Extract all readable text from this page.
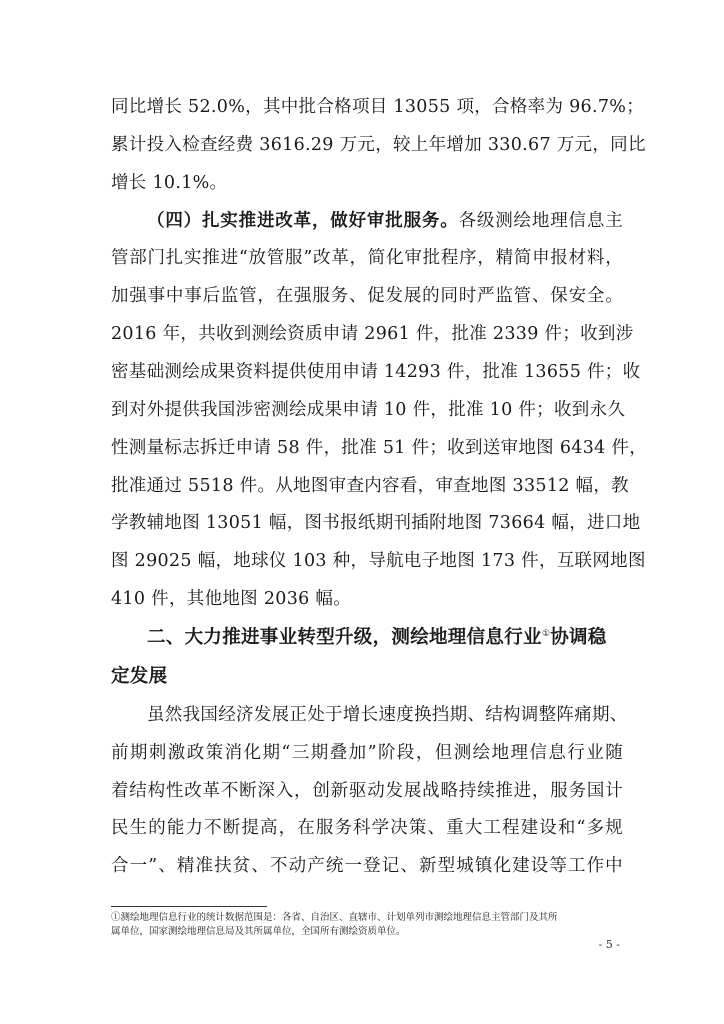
同比增长 52.0%，其中批合格项目 13055 项，合格率为 96.7%；
累计投入检查经费 3616.29 万元，较上年增加 330.67 万元，同比
增长 10.1%。
（四）扎实推进改革，做好审批服务。各级测绘地理信息主
管部门扎实推进“放管服”改革，简化审批程序，精简申报材料，
加强事中事后监管，在强服务、促发展的同时严监管、保安全。
2016 年，共收到测绘资质申请 2961 件，批准 2339 件；收到涉
密基础测绘成果资料提供使用申请 14293 件，批准 13655 件；收
到对外提供我国涉密测绘成果申请 10 件，批准 10 件；收到永久
性测量标志拆迁申请 58 件，批准 51 件；收到送审地图 6434 件，
批准通过 5518 件。从地图审查内容看，审查地图 33512 幅，教
学教辅地图 13051 幅，图书报纸期刊插附地图 73664 幅，进口地
图 29025 幅，地球仪 103 种，导航电子地图 173 件，互联网地图
410 件，其他地图 2036 幅。
二、大力推进事业转型升级，测绘地理信息行业①协调稳
定发展
虽然我国经济发展正处于增长速度换挡期、结构调整阵痛期、
前期刺激政策消化期“三期叠加”阶段，但测绘地理信息行业随
着结构性改革不断深入，创新驱动发展战略持续推进，服务国计
民生的能力不断提高，在服务科学决策、重大工程建设和“多规
合一”、精准扶贫、不动产统一登记、新型城镇化建设等工作中
①测绘地理信息行业的统计数据范围是：各省、自治区、直辖市、计划单列市测绘地理信息主管部门及其所
属单位，国家测绘地理信息局及其所属单位，全国所有测绘资质单位。
- 5 -
